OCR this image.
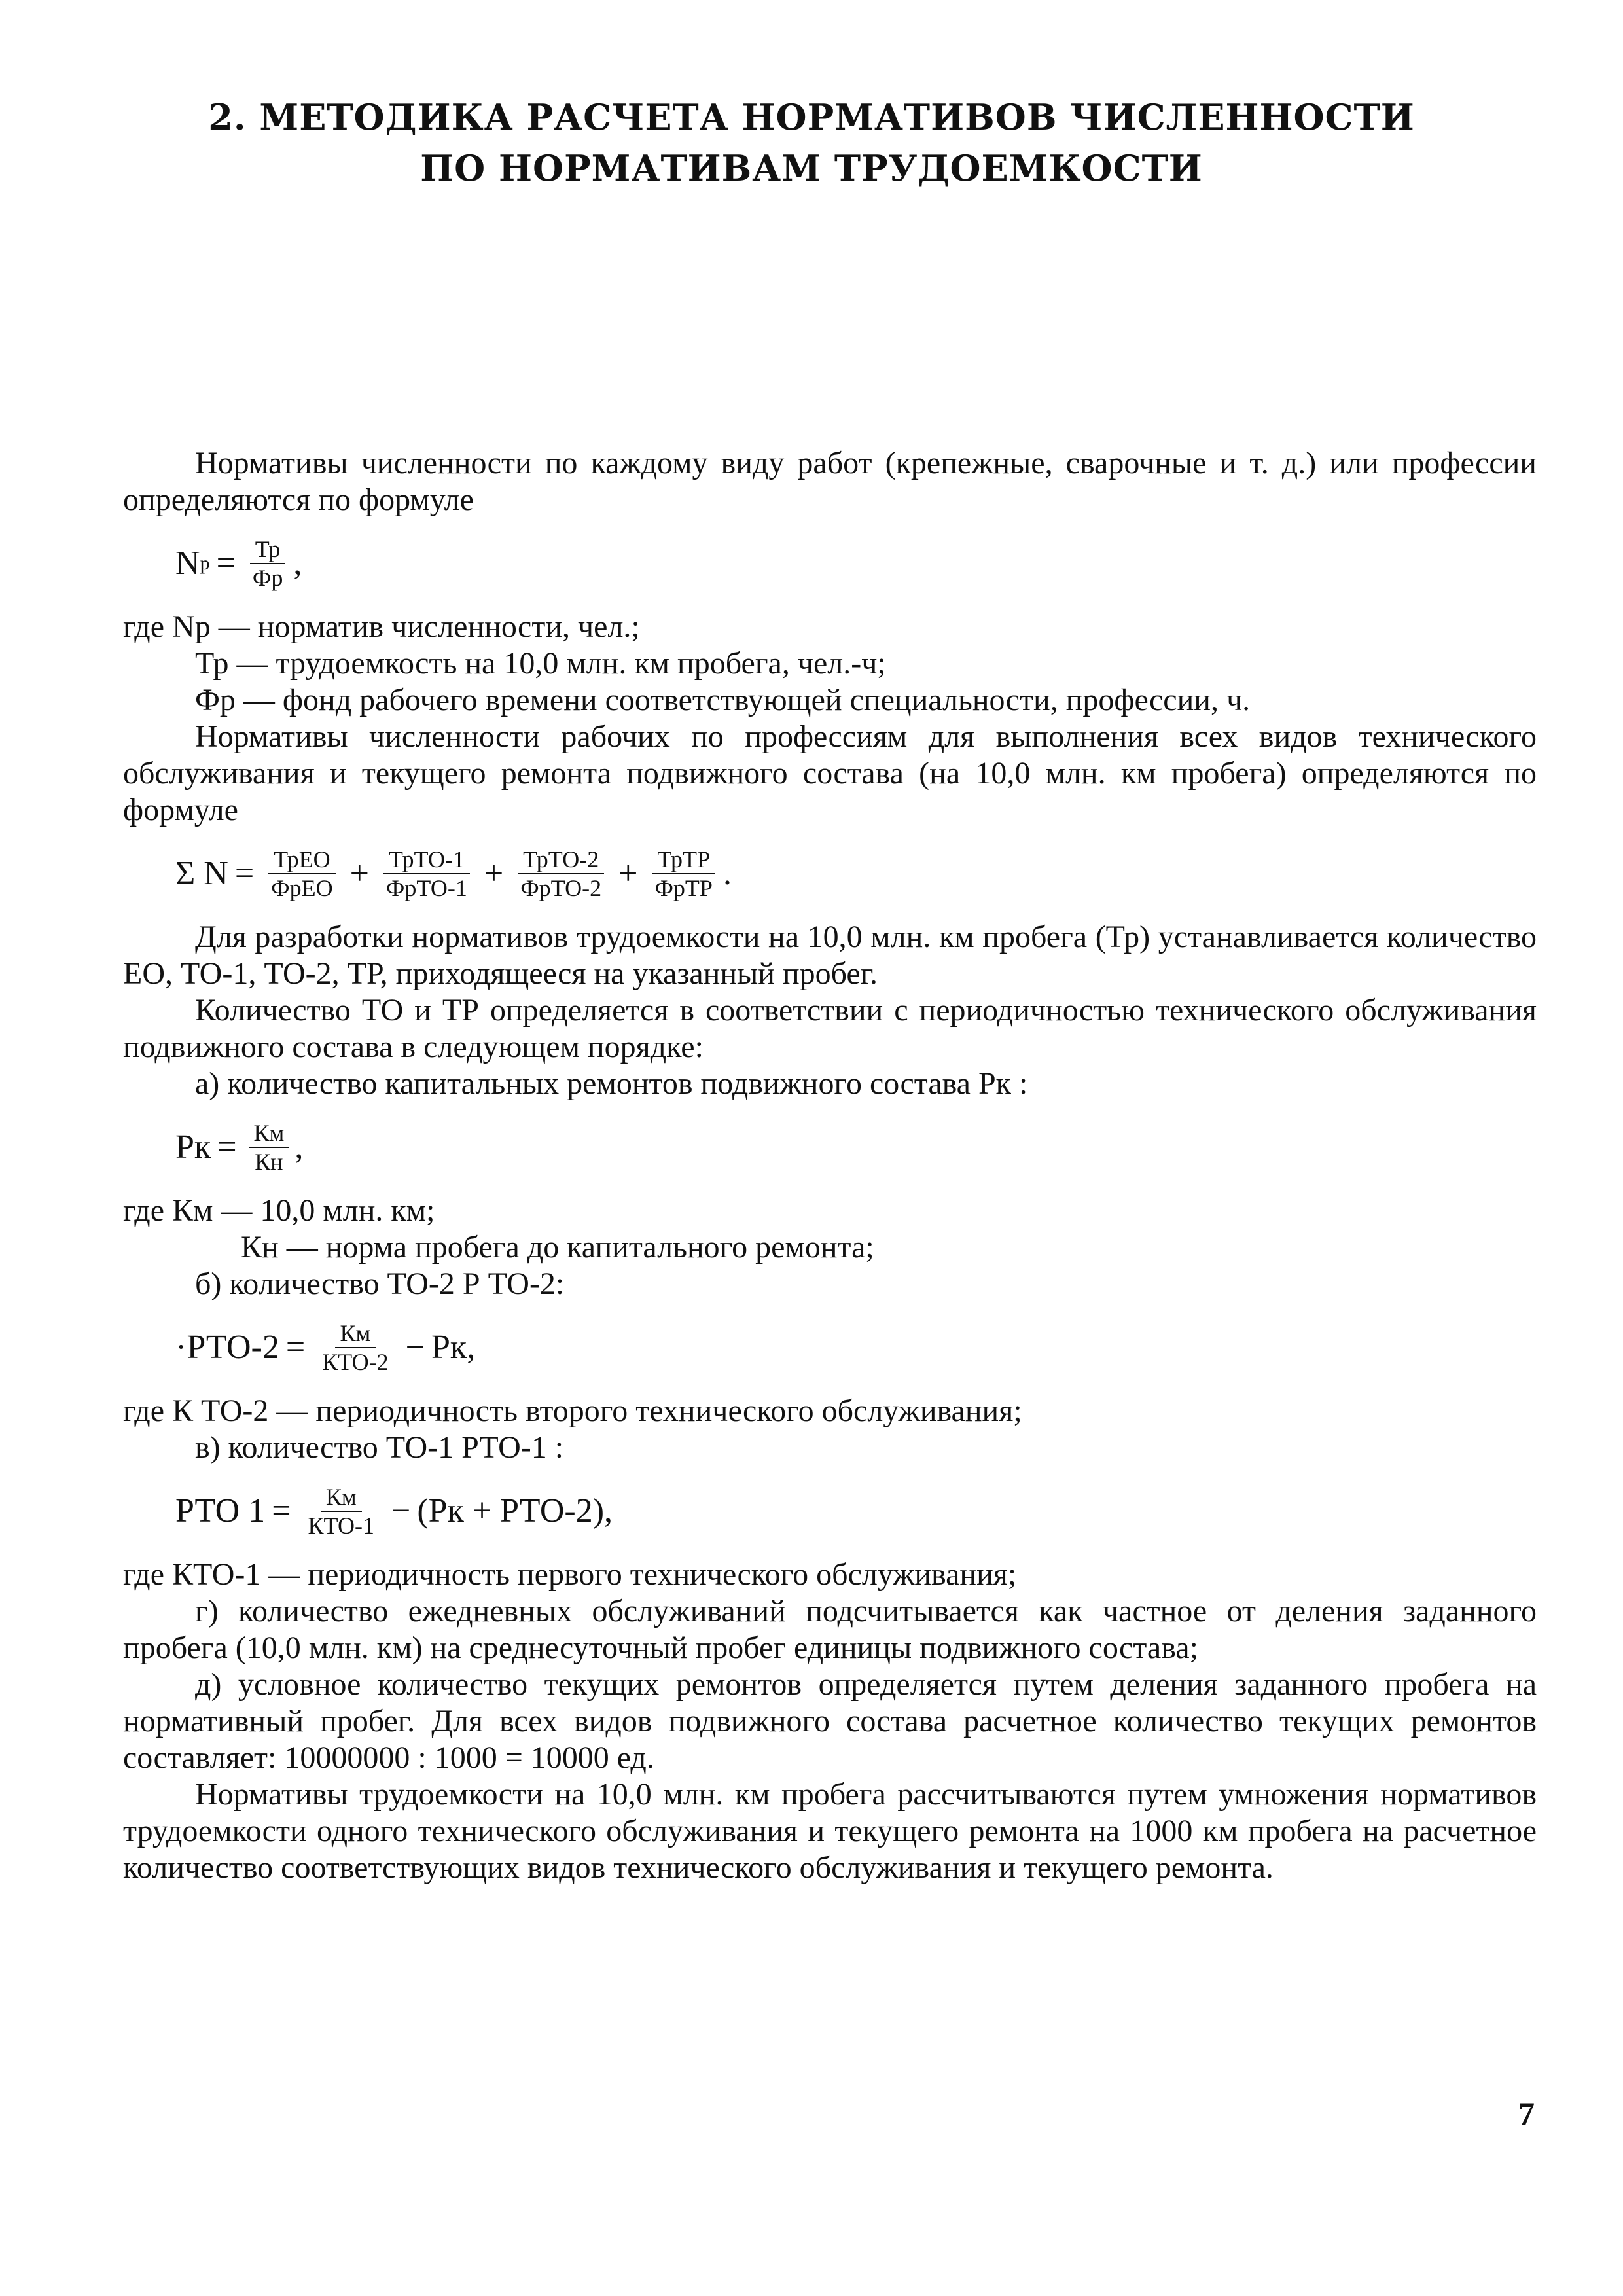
2. МЕТОДИКА РАСЧЕТА НОРМАТИВОВ ЧИСЛЕННОСТИ
ПО НОРМАТИВАМ ТРУДОЕМКОСТИ

Нормативы численности по каждому виду работ (крепежные, сварочные и т. д.) или профессии определяются по формуле

N $р = \frac{Тр}{Фр}$ ,

где Nр — норматив численности, чел.;

Тр — трудоемкость на 10,0 млн. км пробега, чел.-ч;

Фр — фонд рабочего времени соответствующей специальности, профессии, ч.

Нормативы численности рабочих по профессиям для выполнения всех видов технического обслуживания и текущего ремонта подвижного состава (на 10,0 млн. км пробега) определяются по формуле

Σ $N = \frac{\text{ТрЕО}}{\text{ФрЕО}} + \frac{\text{ТрТО-1}}{\text{ФрТО-1}} + \frac{\text{ТрТО-2}}{\text{ФрТО-2}} + \frac{\text{ТрТР}}{\text{ФрТР}}$ .

Для разработки нормативов трудоемкости на 10,0 млн. км пробега (Тр) устанавливается количество ЕО, ТО-1, ТО-2, ТР, приходящееся на указанный пробег.

Количество ТО и ТР определяется в соответствии с периодичностью технического обслуживания подвижного состава в следующем порядке:

а) количество капитальных ремонтов подвижного состава Рк :

Рк = $\frac{Км}{Кн}$ ,

где Км — 10,0 млн. км;

Кн — норма пробега до капитального ремонта;

б) количество ТО-2 Р ТО-2:

$\cdot РТО-2 = \frac{Км}{\text{КТО-2}}$ − Рк ,

где К ТО-2 — периодичность второго технического обслуживания;

в) количество ТО-1 РТО-1 :

РТО $1 = \frac{Км}{\text{КТО-1}} - (Рк + РТО-2)$ ,

где КТО-1 — периодичность первого технического обслуживания;

г) количество ежедневных обслуживаний подсчитывается как частное от деления заданного пробега (10,0 млн. км) на среднесуточный пробег единицы подвижного состава;

д) условное количество текущих ремонтов определяется путем деления заданного пробега на нормативный пробег. Для всех видов подвижного состава расчетное количество текущих ремонтов составляет: 10000000 : 1000 = 10000 ед.

Нормативы трудоемкости на 10,0 млн. км пробега рассчитываются путем умножения нормативов трудоемкости одного технического обслуживания и текущего ремонта на 1000 км пробега на расчетное количество соответствующих видов технического обслуживания и текущего ремонта.

7
